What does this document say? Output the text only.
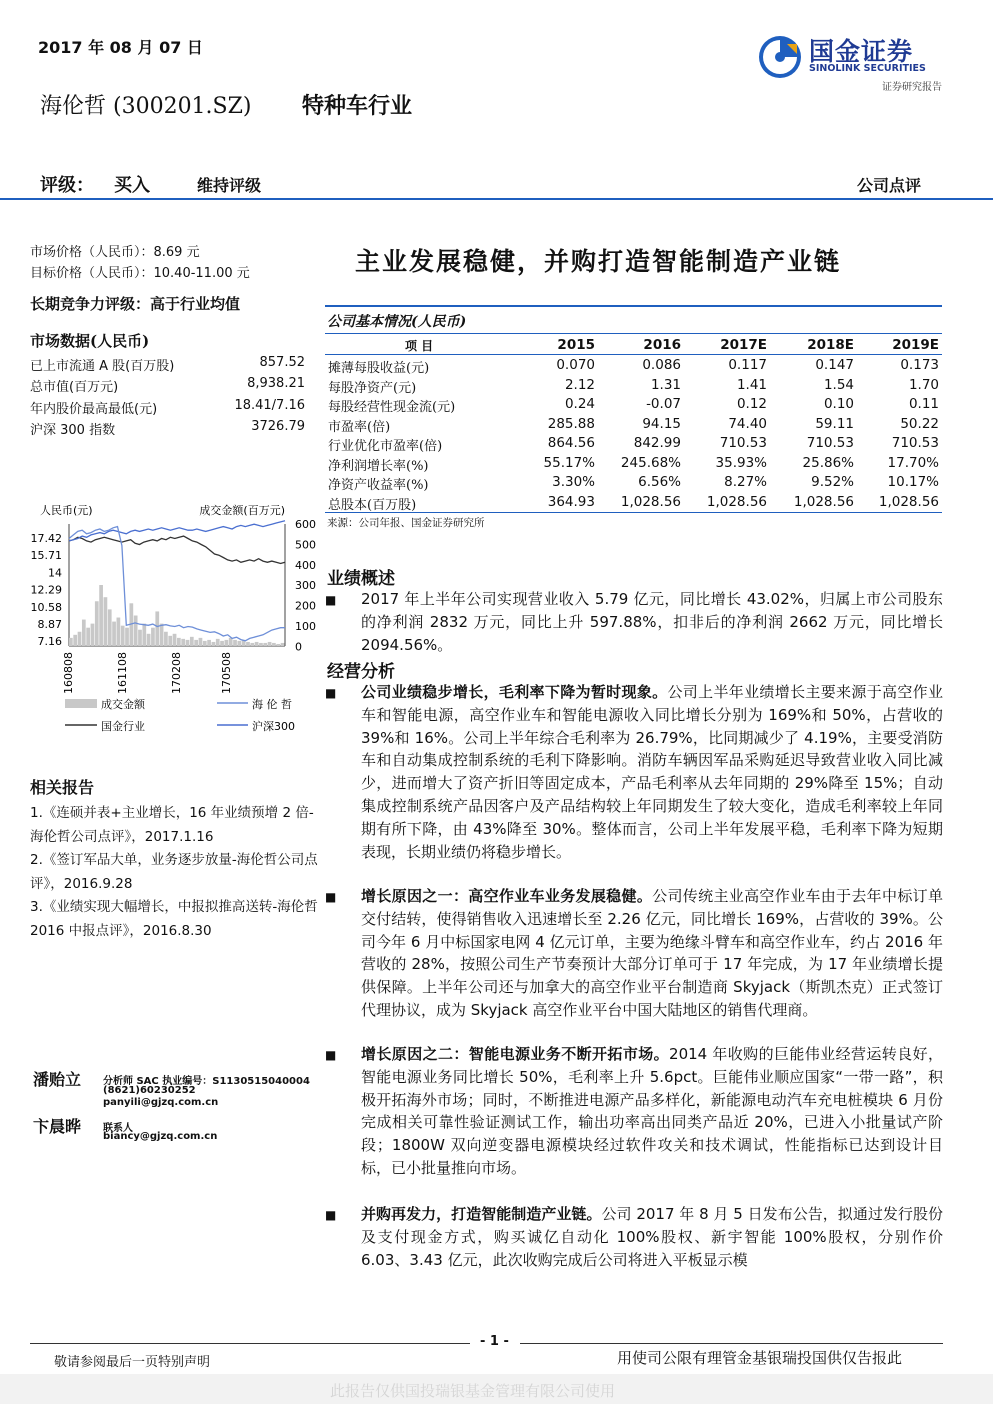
2017 年 08 月 07 日
海伦哲 (300201.SZ) 特种车行业
国金证券
SINOLINK SECURITIES
证券研究报告
评级： 买入	维持评级	公司点评
市场价格（人民币）：8.69 元
目标价格（人民币）：10.40-11.00 元
长期竞争力评级：高于行业均值
市场数据(人民币)
已上市流通 A 股(百万股)	857.52
总市值(百万元)	8,938.21
年内股价最高最低(元)	18.41/7.16
沪深 300 指数	3726.79
人民币(元)	成交金额(百万元)
17.42
15.71
14
12.29
10.58
8.87
7.16
600
500
400
300
200
100
0
160808	161108	170208	170508
成交金额	海 伦 哲
国金行业	沪深300
相关报告
1.《连硕并表+主业增长，16 年业绩预增 2 倍-海伦哲公司点评》，2017.1.16
2.《签订军品大单，业务逐步放量-海伦哲公司点评》，2016.9.28
3.《业绩实现大幅增长，中报拟推高送转-海伦哲 2016 中报点评》，2016.8.30
潘贻立 分析师 SAC 执业编号：S1130515040004
(8621)60230252
panyili@gjzq.com.cn
卞晨晔 联系人
biancy@gjzq.com.cn
主业发展稳健，并购打造智能制造产业链
公司基本情况(人民币)
项 目	2015	2016	2017E	2018E	2019E
摊薄每股收益(元)	0.070	0.086	0.117	0.147	0.173
每股净资产(元)	2.12	1.31	1.41	1.54	1.70
每股经营性现金流(元)	0.24	-0.07	0.12	0.10	0.11
市盈率(倍)	285.88	94.15	74.40	59.11	50.22
行业优化市盈率(倍)	864.56	842.99	710.53	710.53	710.53
净利润增长率(%)	55.17%	245.68%	35.93%	25.86%	17.70%
净资产收益率(%)	3.30%	6.56%	8.27%	9.52%	10.17%
总股本(百万股)	364.93	1,028.56	1,028.56	1,028.56	1,028.56
来源：公司年报、国金证券研究所
业绩概述
■ 2017 年上半年公司实现营业收入 5.79 亿元，同比增长 43.02%，归属上市公司股东的净利润 2832 万元，同比上升 597.88%，扣非后的净利润 2662 万元，同比增长 2094.56%。
经营分析
■ 公司业绩稳步增长，毛利率下降为暂时现象。公司上半年业绩增长主要来源于高空作业车和智能电源，高空作业车和智能电源收入同比增长分别为 169%和 50%，占营收的 39%和 16%。公司上半年综合毛利率为 26.79%，比同期减少了 4.19%，主要受消防车和自动集成控制系统的毛利下降影响。消防车辆因军品采购延迟导致营业收入同比减少，进而增大了资产折旧等固定成本，产品毛利率从去年同期的 29%降至 15%；自动集成控制系统产品因客户及产品结构较上年同期发生了较大变化，造成毛利率较上年同期有所下降，由 43%降至 30%。整体而言，公司上半年发展平稳，毛利率下降为短期表现，长期业绩仍将稳步增长。
■ 增长原因之一：高空作业车业务发展稳健。公司传统主业高空作业车由于去年中标订单交付结转，使得销售收入迅速增长至 2.26 亿元，同比增长 169%，占营收的 39%。公司今年 6 月中标国家电网 4 亿元订单，主要为绝缘斗臂车和高空作业车，约占 2016 年营收的 28%，按照公司生产节奏预计大部分订单可于 17 年完成，为 17 年业绩增长提供保障。上半年公司还与加拿大的高空作业平台制造商 Skyjack（斯凯杰克）正式签订代理协议，成为 Skyjack 高空作业平台中国大陆地区的销售代理商。
■ 增长原因之二：智能电源业务不断开拓市场。2014 年收购的巨能伟业经营运转良好，智能电源业务同比增长 50%，毛利率上升 5.6pct。巨能伟业顺应国家“一带一路”，积极开拓海外市场；同时，不断推进电源产品多样化，新能源电动汽车充电桩模块 6 月份完成相关可靠性验证测试工作，输出功率高出同类产品近 20%，已进入小批量试产阶段；1800W 双向逆变器电源模块经过软件攻关和技术调试，性能指标已达到设计目标，已小批量推向市场。
■ 并购再发力，打造智能制造产业链。公司 2017 年 8 月 5 日发布公告，拟通过发行股份及支付现金方式，购买诚亿自动化 100%股权、新宇智能 100%股权，分别作价 6.03、3.43 亿元，此次收购完成后公司将进入平板显示模
- 1 -
敬请参阅最后一页特别声明	用使司公限有理管金基银瑞投国供仅告报此
此报告仅供国投瑞银基金管理有限公司使用
